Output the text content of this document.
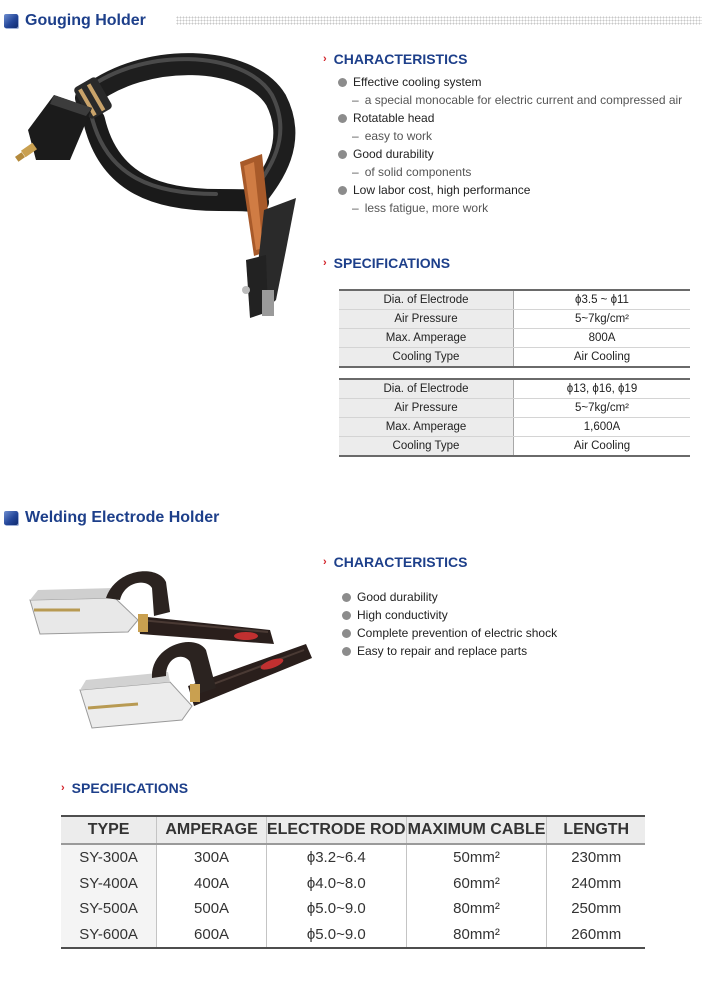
Gouging Holder
› CHARACTERISTICS
Effective cooling system
– a special monocable for electric current and compressed air
Rotatable head
– easy to work
Good durability
– of solid components
Low labor cost, high performance
– less fatigue, more work
› SPECIFICATIONS
Dia. of Electrode	ϕ3.5 ~ ϕ11
Air Pressure	5~7kg/cm²
Max. Amperage	800A
Cooling Type	Air Cooling
Dia. of Electrode	ϕ13, ϕ16, ϕ19
Air Pressure	5~7kg/cm²
Max. Amperage	1,600A
Cooling Type	Air Cooling
Welding Electrode Holder
› CHARACTERISTICS
Good durability
High conductivity
Complete prevention of electric shock
Easy to repair and replace parts
› SPECIFICATIONS
TYPE	AMPERAGE	ELECTRODE ROD	MAXIMUM CABLE	LENGTH
SY-300A	300A	ϕ3.2~6.4	50mm²	230mm
SY-400A	400A	ϕ4.0~8.0	60mm²	240mm
SY-500A	500A	ϕ5.0~9.0	80mm²	250mm
SY-600A	600A	ϕ5.0~9.0	80mm²	260mm
